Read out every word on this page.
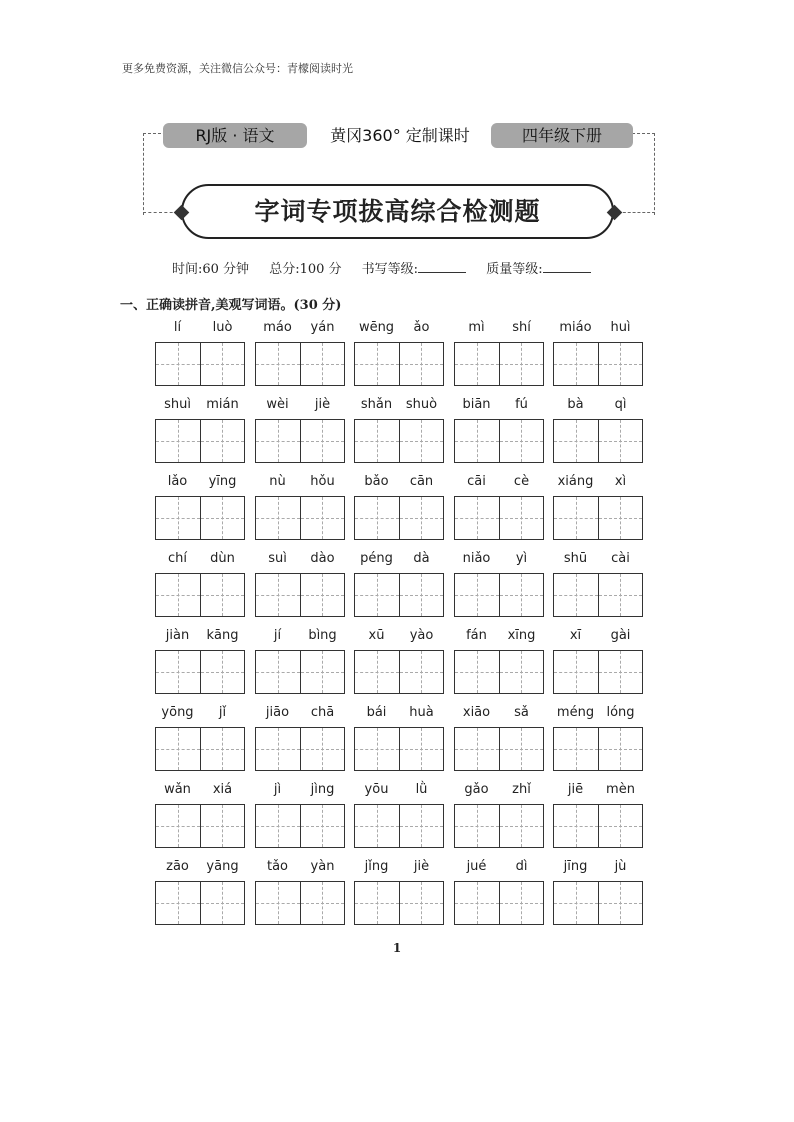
更多免费资源，关注微信公众号：青檬阅读时光
RJ版 · 语文	黄冈360° 定制课时	四年级下册
字词专项拔高综合检测题
时间:60 分钟 总分:100 分 书写等级:	质量等级:
一、正确读拼音,美观写词语。(30 分)
lí	luò	máo	yán	wēng	ǎo	mì	shí	miáo	huì
shuì	mián	wèi	jiè	shǎn	shuò	biān	fú	bà	qì
lǎo	yīng	nù	hǒu	bǎo	cān	cāi	cè	xiáng	xì
chí	dùn	suì	dào	péng	dà	niǎo	yì	shū	cài
jiàn	kāng	jí	bìng	xū	yào	fán	xīng	xī	gài
yōng	jǐ	jiāo	chā	bái	huà	xiāo	sǎ	méng lóng
wǎn	xiá	jì	jìng	yōu	lǜ	gǎo	zhǐ	jiē	mèn
zāo	yāng	tǎo	yàn	jǐng	jiè	jué	dì	jīng	jù
1
